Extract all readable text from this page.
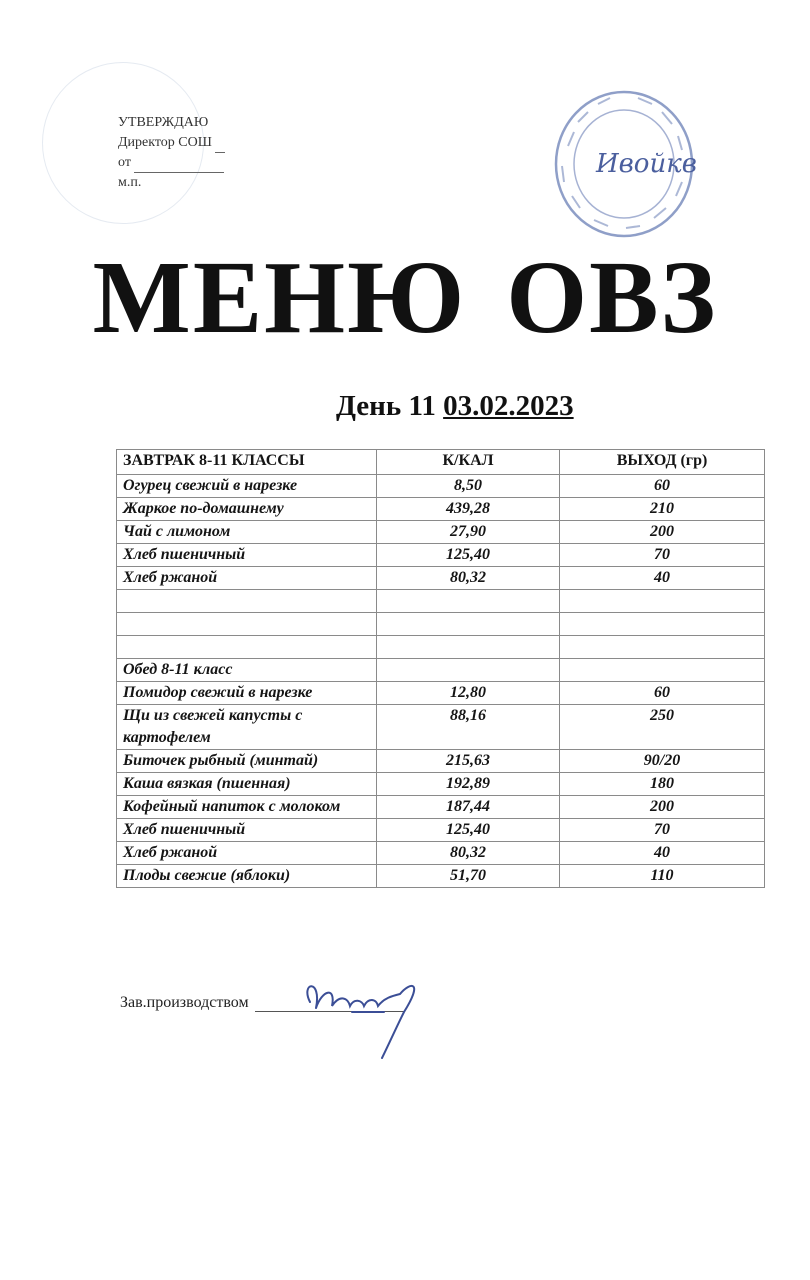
УТВЕРЖДАЮ
Директор СОШ
от
м.п.
Ивойкв
МЕНЮ ОВЗ
День 11 03.02.2023
ЗАВТРАК 8-11 КЛАССЫ	К/КАЛ	ВЫХОД (гр)
Огурец свежий в нарезке	8,50	60
Жаркое по-домашнему	439,28	210
Чай с лимоном	27,90	200
Хлеб пшеничный	125,40	70
Хлеб ржаной	80,32	40

Обед 8-11 класс		
Помидор свежий в нарезке	12,80	60
Щи из свежей капусты с картофелем	88,16	250
Биточек рыбный (минтай)	215,63	90/20
Каша вязкая (пшенная)	192,89	180
Кофейный напиток с молоком	187,44	200
Хлеб пшеничный	125,40	70
Хлеб ржаной	80,32	40
Плоды свежие (яблоки)	51,70	110
Зав.производством
